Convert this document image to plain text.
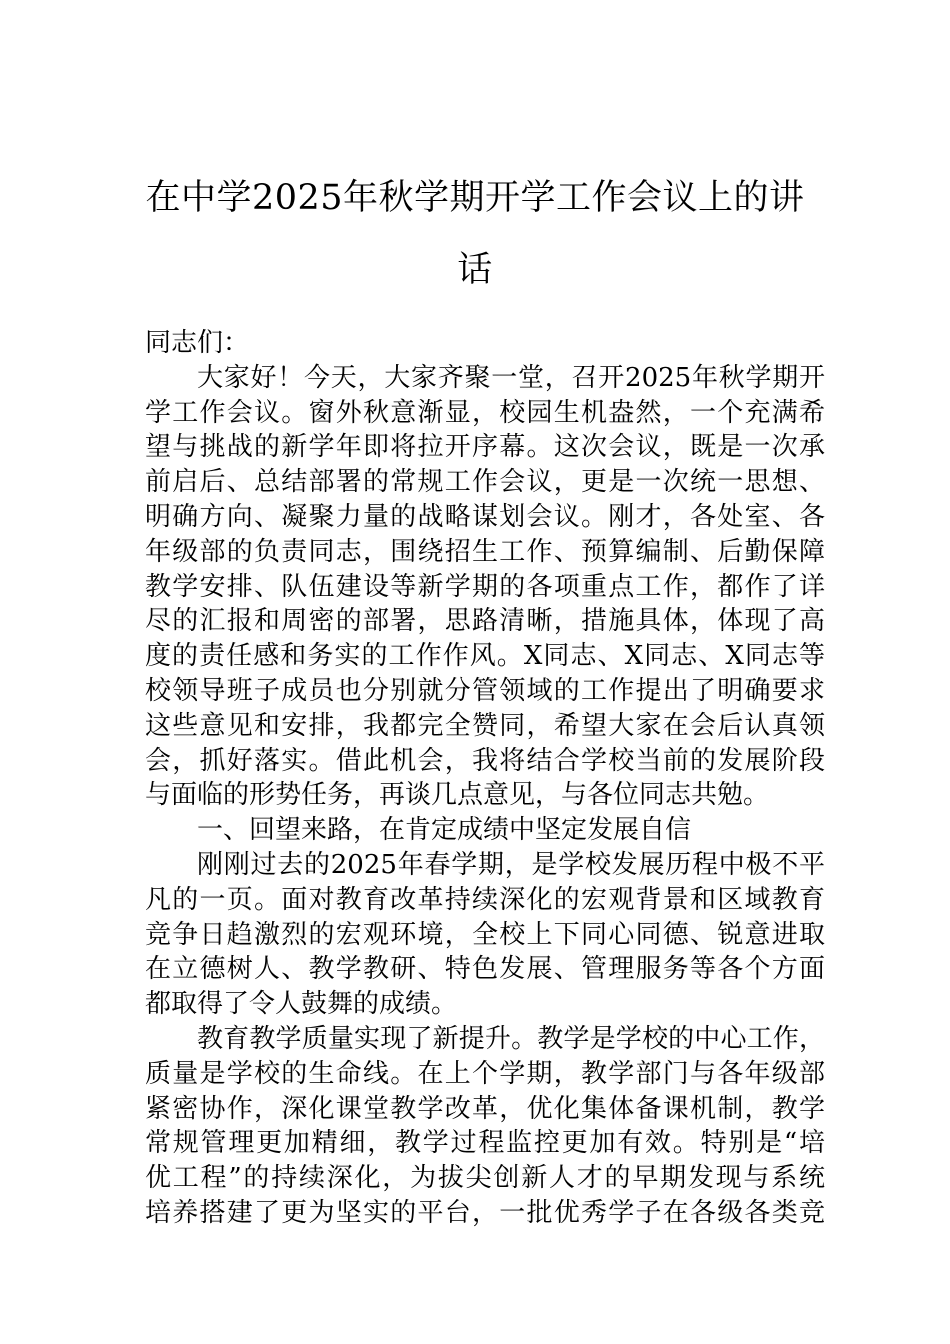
在中学2025年秋学期开学工作会议上的讲
话
同志们：
大家好！今天，大家齐聚一堂，召开2025年秋学期开
学工作会议。窗外秋意渐显，校园生机盎然，一个充满希
望与挑战的新学年即将拉开序幕。这次会议，既是一次承
前启后、总结部署的常规工作会议，更是一次统一思想、
明确方向、凝聚力量的战略谋划会议。刚才，各处室、各
年级部的负责同志，围绕招生工作、预算编制、后勤保障
教学安排、队伍建设等新学期的各项重点工作，都作了详
尽的汇报和周密的部署，思路清晰，措施具体，体现了高
度的责任感和务实的工作作风。X同志、X同志、X同志等
校领导班子成员也分别就分管领域的工作提出了明确要求
这些意见和安排，我都完全赞同，希望大家在会后认真领
会，抓好落实。借此机会，我将结合学校当前的发展阶段
与面临的形势任务，再谈几点意见，与各位同志共勉。
一、回望来路，在肯定成绩中坚定发展自信
刚刚过去的2025年春学期，是学校发展历程中极不平
凡的一页。面对教育改革持续深化的宏观背景和区域教育
竞争日趋激烈的宏观环境，全校上下同心同德、锐意进取
在立德树人、教学教研、特色发展、管理服务等各个方面
都取得了令人鼓舞的成绩。
教育教学质量实现了新提升。教学是学校的中心工作，
质量是学校的生命线。在上个学期，教学部门与各年级部
紧密协作，深化课堂教学改革，优化集体备课机制，教学
常规管理更加精细，教学过程监控更加有效。特别是“培
优工程”的持续深化，为拔尖创新人才的早期发现与系统
培养搭建了更为坚实的平台，一批优秀学子在各级各类竞
